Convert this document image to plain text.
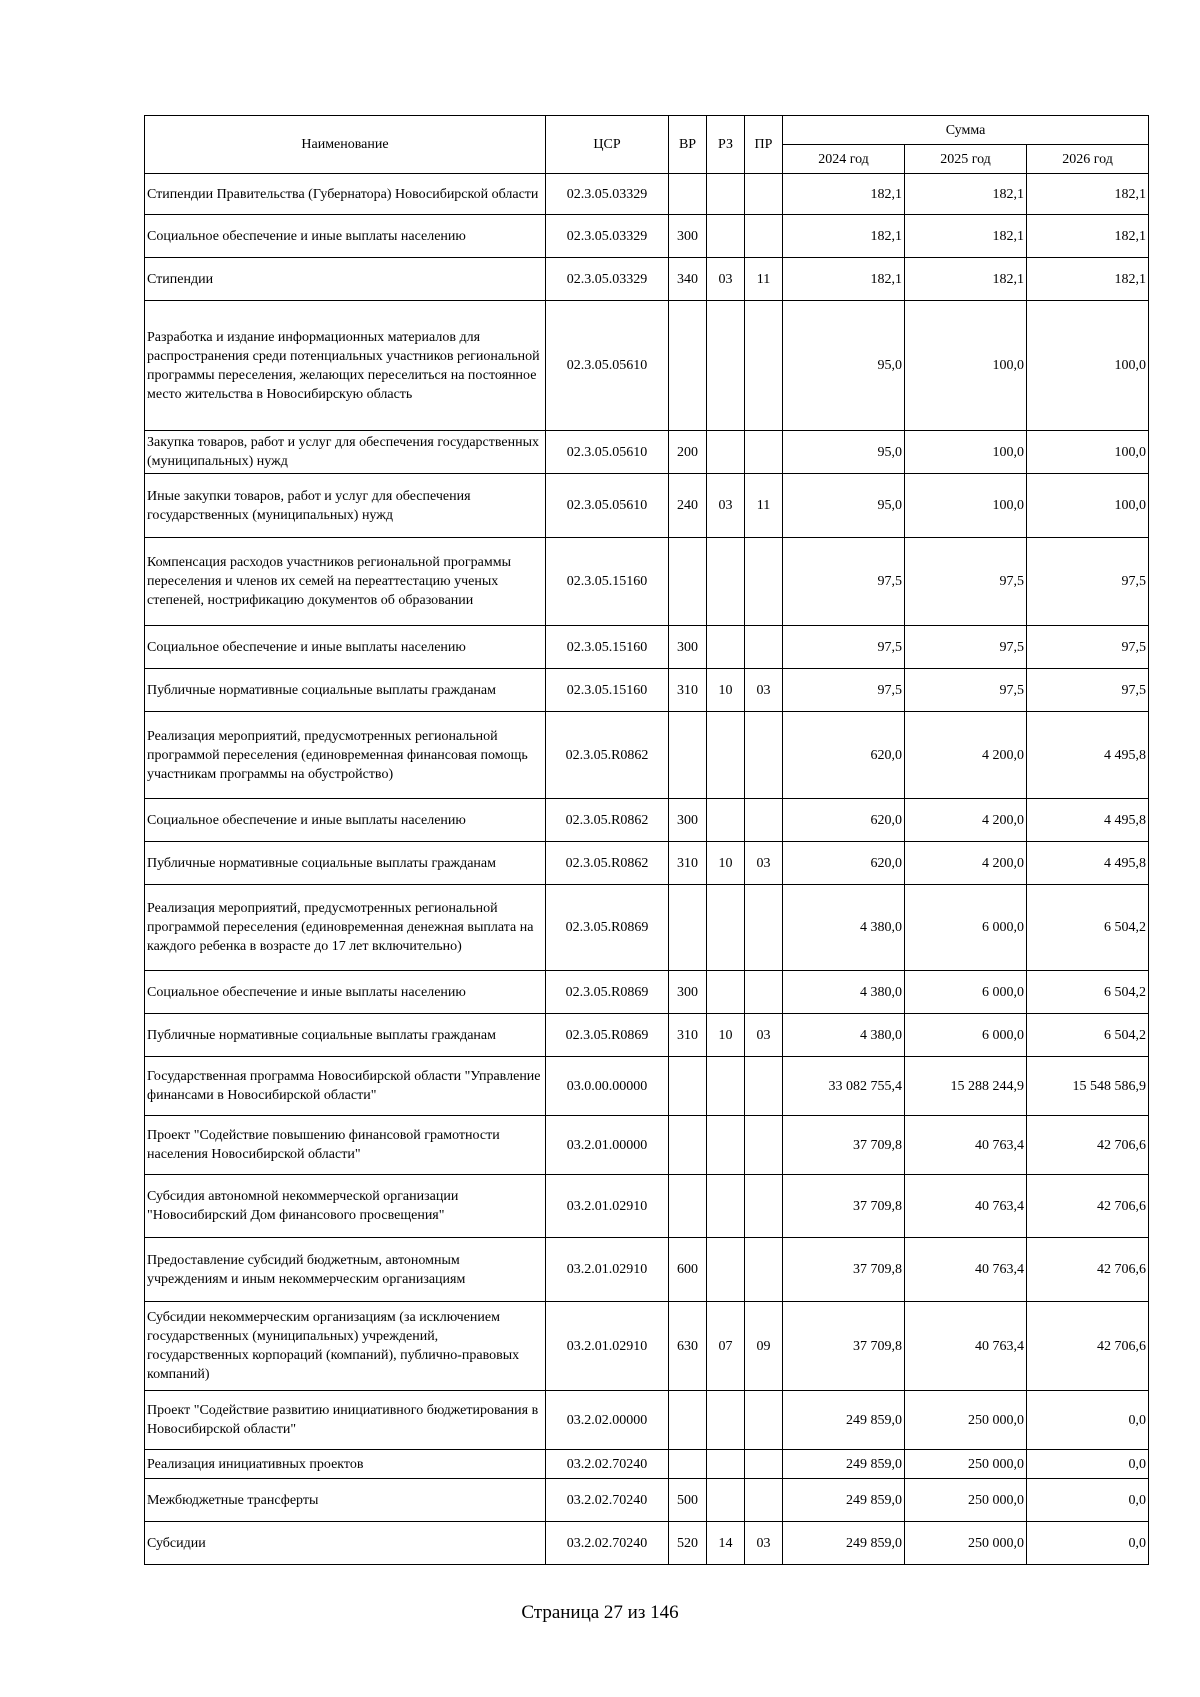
Наименование	ЦСР	ВР	РЗ	ПР	Сумма		
					2024 год	2025 год	2026 год
Стипендии Правительства (Губернатора) Новосибирской области	02.3.05.03329				182,1	182,1	182,1
Социальное обеспечение и иные выплаты населению	02.3.05.03329	300			182,1	182,1	182,1
Стипендии	02.3.05.03329	340	03	11	182,1	182,1	182,1
Разработка и издание информационных материалов для распространения среди потенциальных участников региональной программы переселения, желающих переселиться на постоянное место жительства в Новосибирскую область	02.3.05.05610				95,0	100,0	100,0
Закупка товаров, работ и услуг для обеспечения государственных (муниципальных) нужд	02.3.05.05610	200			95,0	100,0	100,0
Иные закупки товаров, работ и услуг для обеспечения государственных (муниципальных) нужд	02.3.05.05610	240	03	11	95,0	100,0	100,0
Компенсация расходов участников региональной программы переселения и членов их семей на переаттестацию ученых степеней, нострификацию документов об образовании	02.3.05.15160				97,5	97,5	97,5
Социальное обеспечение и иные выплаты населению	02.3.05.15160	300			97,5	97,5	97,5
Публичные нормативные социальные выплаты гражданам	02.3.05.15160	310	10	03	97,5	97,5	97,5
Реализация мероприятий, предусмотренных региональной программой переселения (единовременная финансовая помощь участникам программы на обустройство)	02.3.05.R0862				620,0	4 200,0	4 495,8
Социальное обеспечение и иные выплаты населению	02.3.05.R0862	300			620,0	4 200,0	4 495,8
Публичные нормативные социальные выплаты гражданам	02.3.05.R0862	310	10	03	620,0	4 200,0	4 495,8
Реализация мероприятий, предусмотренных региональной программой переселения (единовременная денежная выплата на каждого ребенка в возрасте до 17 лет включительно)	02.3.05.R0869				4 380,0	6 000,0	6 504,2
Социальное обеспечение и иные выплаты населению	02.3.05.R0869	300			4 380,0	6 000,0	6 504,2
Публичные нормативные социальные выплаты гражданам	02.3.05.R0869	310	10	03	4 380,0	6 000,0	6 504,2
Государственная программа Новосибирской области "Управление финансами в Новосибирской области"	03.0.00.00000				33 082 755,4	15 288 244,9	15 548 586,9
Проект "Содействие повышению финансовой грамотности населения Новосибирской области"	03.2.01.00000				37 709,8	40 763,4	42 706,6
Субсидия автономной некоммерческой организации "Новосибирский Дом финансового просвещения"	03.2.01.02910				37 709,8	40 763,4	42 706,6
Предоставление субсидий бюджетным, автономным учреждениям и иным некоммерческим организациям	03.2.01.02910	600			37 709,8	40 763,4	42 706,6
Субсидии некоммерческим организациям (за исключением государственных (муниципальных) учреждений, государственных корпораций (компаний), публично-правовых компаний)	03.2.01.02910	630	07	09	37 709,8	40 763,4	42 706,6
Проект "Содействие развитию инициативного бюджетирования в Новосибирской области"	03.2.02.00000				249 859,0	250 000,0	0,0
Реализация инициативных проектов	03.2.02.70240				249 859,0	250 000,0	0,0
Межбюджетные трансферты	03.2.02.70240	500			249 859,0	250 000,0	0,0
Субсидии	03.2.02.70240	520	14	03	249 859,0	250 000,0	0,0
Страница 27 из 146
